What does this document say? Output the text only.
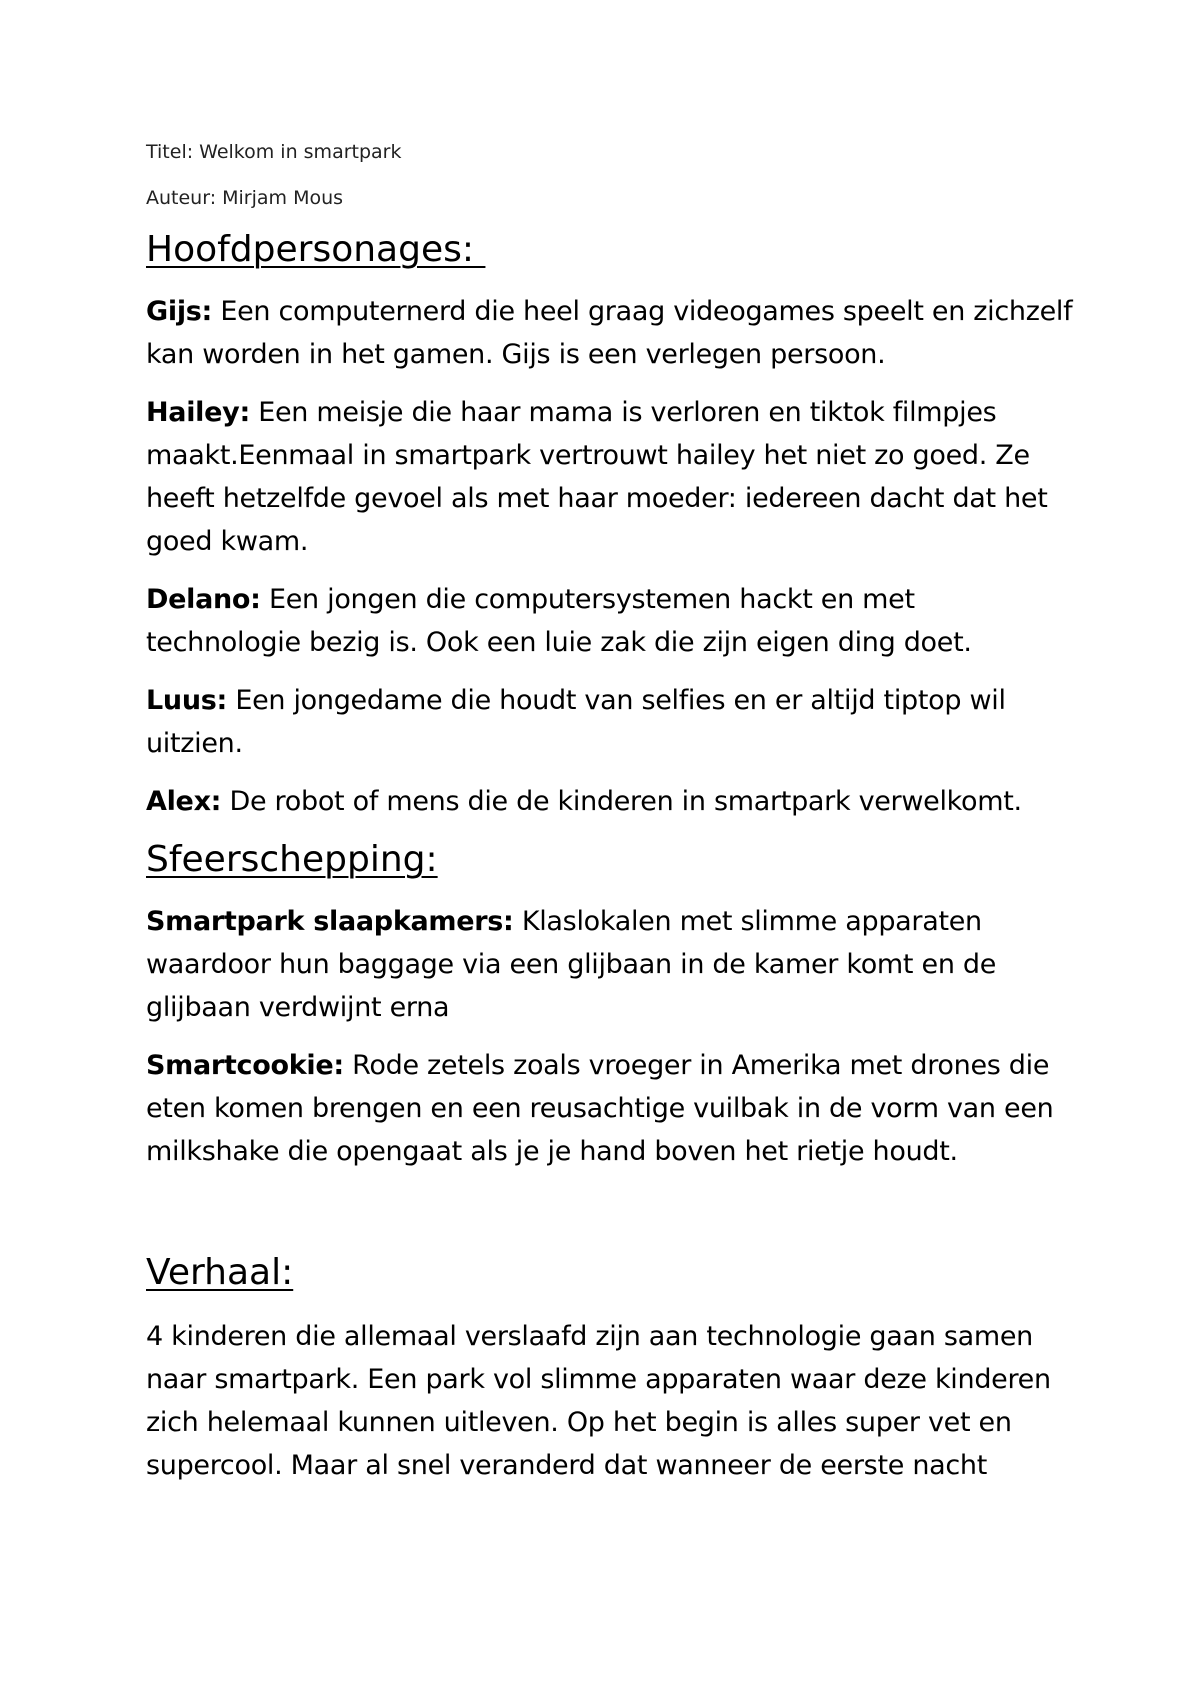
Titel: Welkom in smartpark

Auteur: Mirjam Mous

Hoofdpersonages:

Gijs: Een computernerd die heel graag videogames speelt en zichzelf kan worden in het gamen. Gijs is een verlegen persoon.

Hailey: Een meisje die haar mama is verloren en tiktok filmpjes maakt.Eenmaal in smartpark vertrouwt hailey het niet zo goed. Ze heeft hetzelfde gevoel als met haar moeder: iedereen dacht dat het goed kwam.

Delano: Een jongen die computersystemen hackt en met technologie bezig is. Ook een luie zak die zijn eigen ding doet.

Luus: Een jongedame die houdt van selfies en er altijd tiptop wil uitzien.

Alex: De robot of mens die de kinderen in smartpark verwelkomt.

Sfeerschepping:

Smartpark slaapkamers: Klaslokalen met slimme apparaten waardoor hun baggage via een glijbaan in de kamer komt en de glijbaan verdwijnt erna

Smartcookie: Rode zetels zoals vroeger in Amerika met drones die eten komen brengen en een reusachtige vuilbak in de vorm van een milkshake die opengaat als je je hand boven het rietje houdt.

Verhaal:

4 kinderen die allemaal verslaafd zijn aan technologie gaan samen naar smartpark. Een park vol slimme apparaten waar deze kinderen zich helemaal kunnen uitleven. Op het begin is alles super vet en supercool. Maar al snel veranderd dat wanneer de eerste nacht
